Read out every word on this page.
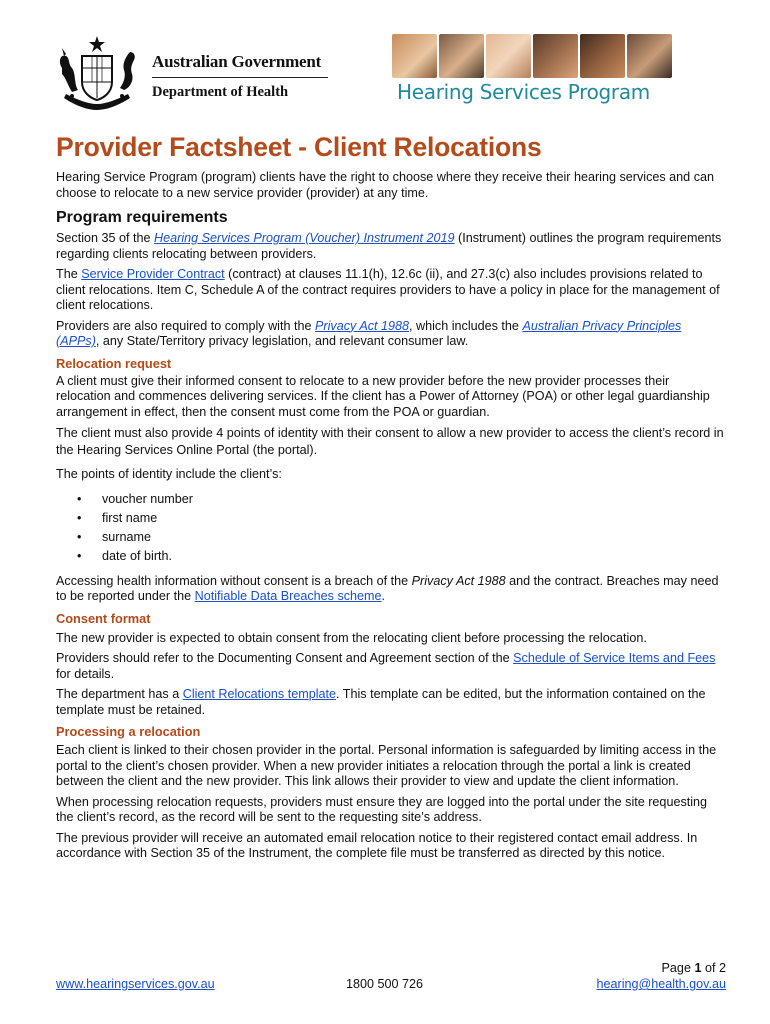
Australian Government
Department of Health	Hearing Services Program
Provider Factsheet - Client Relocations

Hearing Service Program (program) clients have the right to choose where they receive their hearing services and can choose to relocate to a new service provider (provider) at any time.

Program requirements

Section 35 of the Hearing Services Program (Voucher) Instrument 2019 (Instrument) outlines the program requirements regarding clients relocating between providers.

The Service Provider Contract (contract) at clauses 11.1(h), 12.6c (ii), and 27.3(c) also includes provisions related to client relocations. Item C, Schedule A of the contract requires providers to have a policy in place for the management of client relocations.

Providers are also required to comply with the Privacy Act 1988, which includes the Australian Privacy Principles (APPs), any State/Territory privacy legislation, and relevant consumer law.

Relocation request

A client must give their informed consent to relocate to a new provider before the new provider processes their relocation and commences delivering services. If the client has a Power of Attorney (POA) or other legal guardianship arrangement in effect, then the consent must come from the POA or guardian.

The client must also provide 4 points of identity with their consent to allow a new provider to access the client’s record in the Hearing Services Online Portal (the portal).

The points of identity include the client’s:

• voucher number
• first name
• surname
• date of birth.

Accessing health information without consent is a breach of the Privacy Act 1988 and the contract. Breaches may need to be reported under the Notifiable Data Breaches scheme.

Consent format

The new provider is expected to obtain consent from the relocating client before processing the relocation.

Providers should refer to the Documenting Consent and Agreement section of the Schedule of Service Items and Fees for details.

The department has a Client Relocations template. This template can be edited, but the information contained on the template must be retained.

Processing a relocation

Each client is linked to their chosen provider in the portal. Personal information is safeguarded by limiting access in the portal to the client’s chosen provider. When a new provider initiates a relocation through the portal a link is created between the client and the new provider. This link allows their provider to view and update the client information.

When processing relocation requests, providers must ensure they are logged into the portal under the site requesting the client’s record, as the record will be sent to the requesting site’s address.

The previous provider will receive an automated email relocation notice to their registered contact email address. In accordance with Section 35 of the Instrument, the complete file must be transferred as directed by this notice.

Page 1 of 2
www.hearingservices.gov.au	1800 500 726	hearing@health.gov.au
